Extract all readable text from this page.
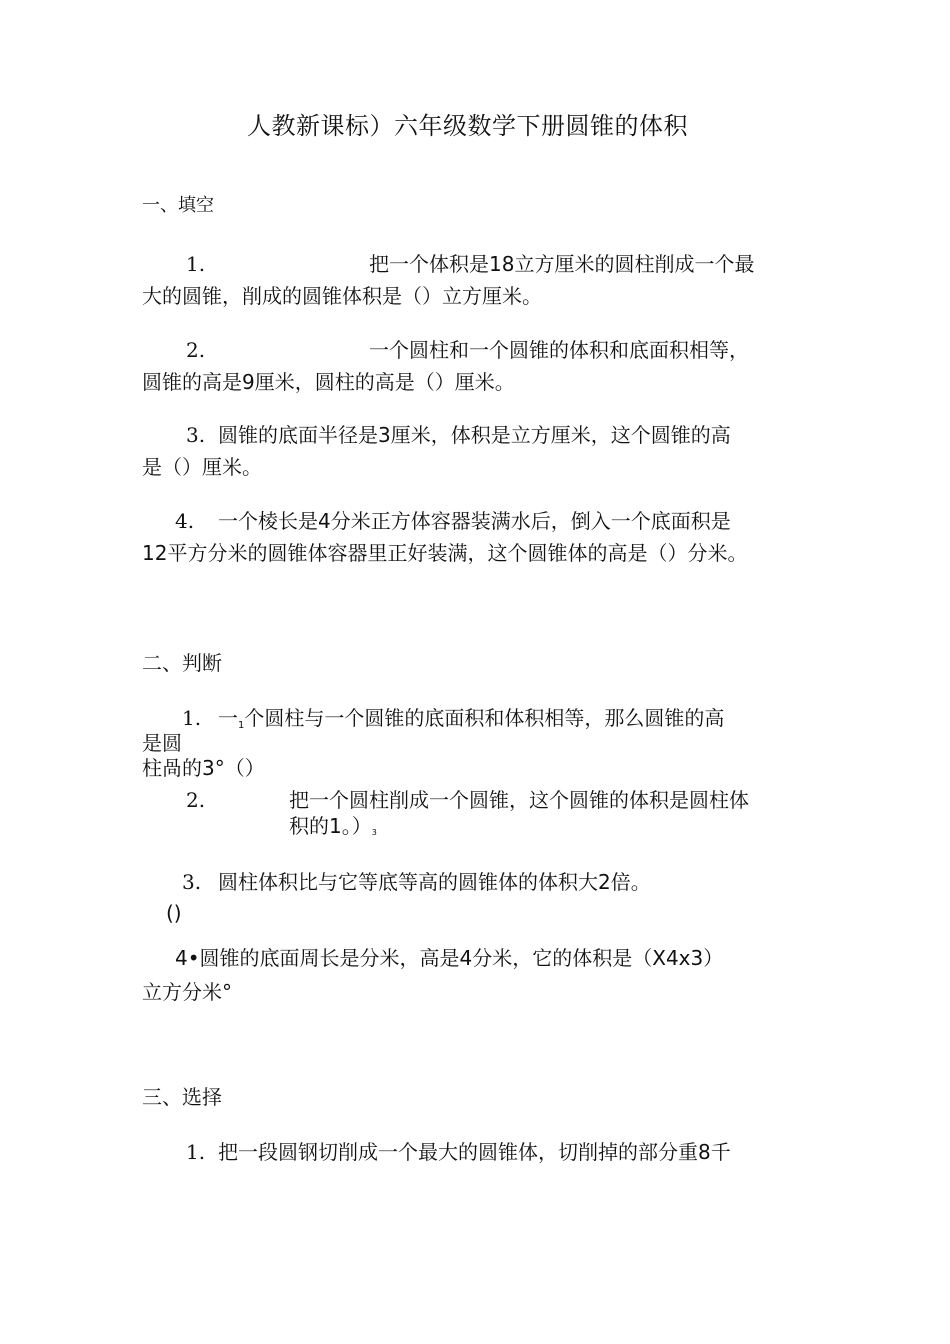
人教新课标）六年级数学下册圆锥的体积
一、填空
1.	把一个体积是18立方厘米的圆柱削成一个最
大的圆锥，削成的圆锥体积是（）立方厘米。
2.	一个圆柱和一个圆锥的体积和底面积相等，
圆锥的高是9厘米，圆柱的高是（）厘米。
3. 圆锥的底面半径是3厘米，体积是立方厘米，这个圆锥的高
是（）厘米。
4. 一个棱长是4分米正方体容器装满水后，倒入一个底面积是
12平方分米的圆锥体容器里正好装满，这个圆锥体的高是（）分米。
二、判断
1. 一1个圆柱与一个圆锥的底面积和体积相等，那么圆锥的高
是圆
柱咼的3°（）
2.	把一个圆柱削成一个圆锥，这个圆锥的体积是圆柱体
积的1。）3
3. 圆柱体积比与它等底等高的圆锥体的体积大2倍。
()
4•圆锥的底面周长是分米，高是4分米，它的体积是（X4x3）
立方分米°
三、选择
1. 把一段圆钢切削成一个最大的圆锥体，切削掉的部分重8千
